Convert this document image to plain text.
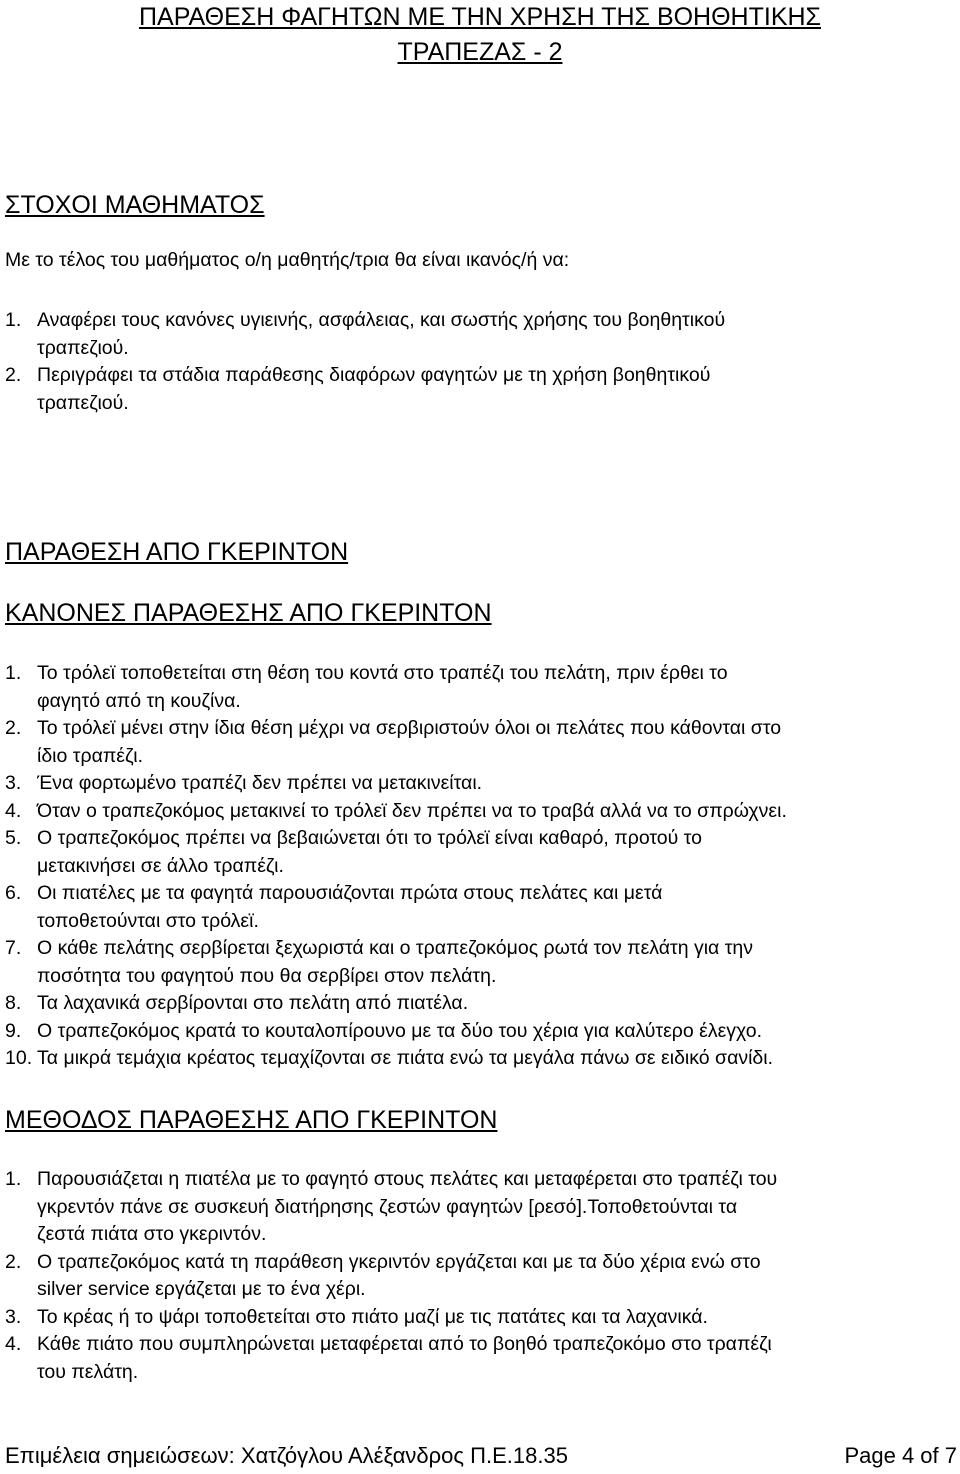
ΠΑΡΑΘΕΣΗ ΦΑΓΗΤΩΝ ΜΕ ΤΗΝ ΧΡΗΣΗ ΤΗΣ ΒΟΗΘΗΤΙΚΗΣ
ΤΡΑΠΕΖΑΣ - 2
ΣΤΟΧΟΙ ΜΑΘΗΜΑΤΟΣ
Με το τέλος του μαθήματος ο/η μαθητής/τρια θα είναι ικανός/ή να:
1. Αναφέρει τους κανόνες υγιεινής, ασφάλειας, και σωστής χρήσης του βοηθητικού
τραπεζιού.
2. Περιγράφει τα στάδια παράθεσης διαφόρων φαγητών με τη χρήση βοηθητικού
τραπεζιού.
ΠΑΡΑΘΕΣΗ ΑΠΟ ΓΚΕΡΙΝΤΟΝ
ΚΑΝΟΝΕΣ ΠΑΡΑΘΕΣΗΣ ΑΠΟ ΓΚΕΡΙΝΤΟΝ
1. Το τρόλεϊ τοποθετείται στη θέση του κοντά στο τραπέζι του πελάτη, πριν έρθει το
φαγητό από τη κουζίνα.
2. Το τρόλεϊ μένει στην ίδια θέση μέχρι να σερβιριστούν όλοι οι πελάτες που κάθονται στο
ίδιο τραπέζι.
3. Ένα φορτωμένο τραπέζι δεν πρέπει να μετακινείται.
4. Όταν ο τραπεζοκόμος μετακινεί το τρόλεϊ δεν πρέπει να το τραβά αλλά να το σπρώχνει.
5. Ο τραπεζοκόμος πρέπει να βεβαιώνεται ότι το τρόλεϊ είναι καθαρό, προτού το
μετακινήσει σε άλλο τραπέζι.
6. Οι πιατέλες με τα φαγητά παρουσιάζονται πρώτα στους πελάτες και μετά
τοποθετούνται στο τρόλεϊ.
7. Ο κάθε πελάτης σερβίρεται ξεχωριστά και ο τραπεζοκόμος ρωτά τον πελάτη για την
ποσότητα του φαγητού που θα σερβίρει στον πελάτη.
8. Τα λαχανικά σερβίρονται στο πελάτη από πιατέλα.
9. Ο τραπεζοκόμος κρατά το κουταλοπίρουνο με τα δύο του χέρια για καλύτερο έλεγχο.
10. Τα μικρά τεμάχια κρέατος τεμαχίζονται σε πιάτα ενώ τα μεγάλα πάνω σε ειδικό σανίδι.
ΜΕΘΟΔΟΣ ΠΑΡΑΘΕΣΗΣ ΑΠΟ ΓΚΕΡΙΝΤΟΝ
1. Παρουσιάζεται η πιατέλα με το φαγητό στους πελάτες και μεταφέρεται στο τραπέζι του
γκρεντόν πάνε σε συσκευή διατήρησης ζεστών φαγητών [ρεσό].Τοποθετούνται τα
ζεστά πιάτα στο γκεριντόν.
2. Ο τραπεζοκόμος κατά τη παράθεση γκεριντόν εργάζεται και με τα δύο χέρια ενώ στο
silver service εργάζεται με το ένα χέρι.
3. Το κρέας ή το ψάρι τοποθετείται στο πιάτο μαζί με τις πατάτες και τα λαχανικά.
4. Κάθε πιάτο που συμπληρώνεται μεταφέρεται από το βοηθό τραπεζοκόμο στο τραπέζι
του πελάτη.
Επιμέλεια σημειώσεων: Χατζόγλου Αλέξανδρος Π.Ε.18.35	Page 4 of 7
